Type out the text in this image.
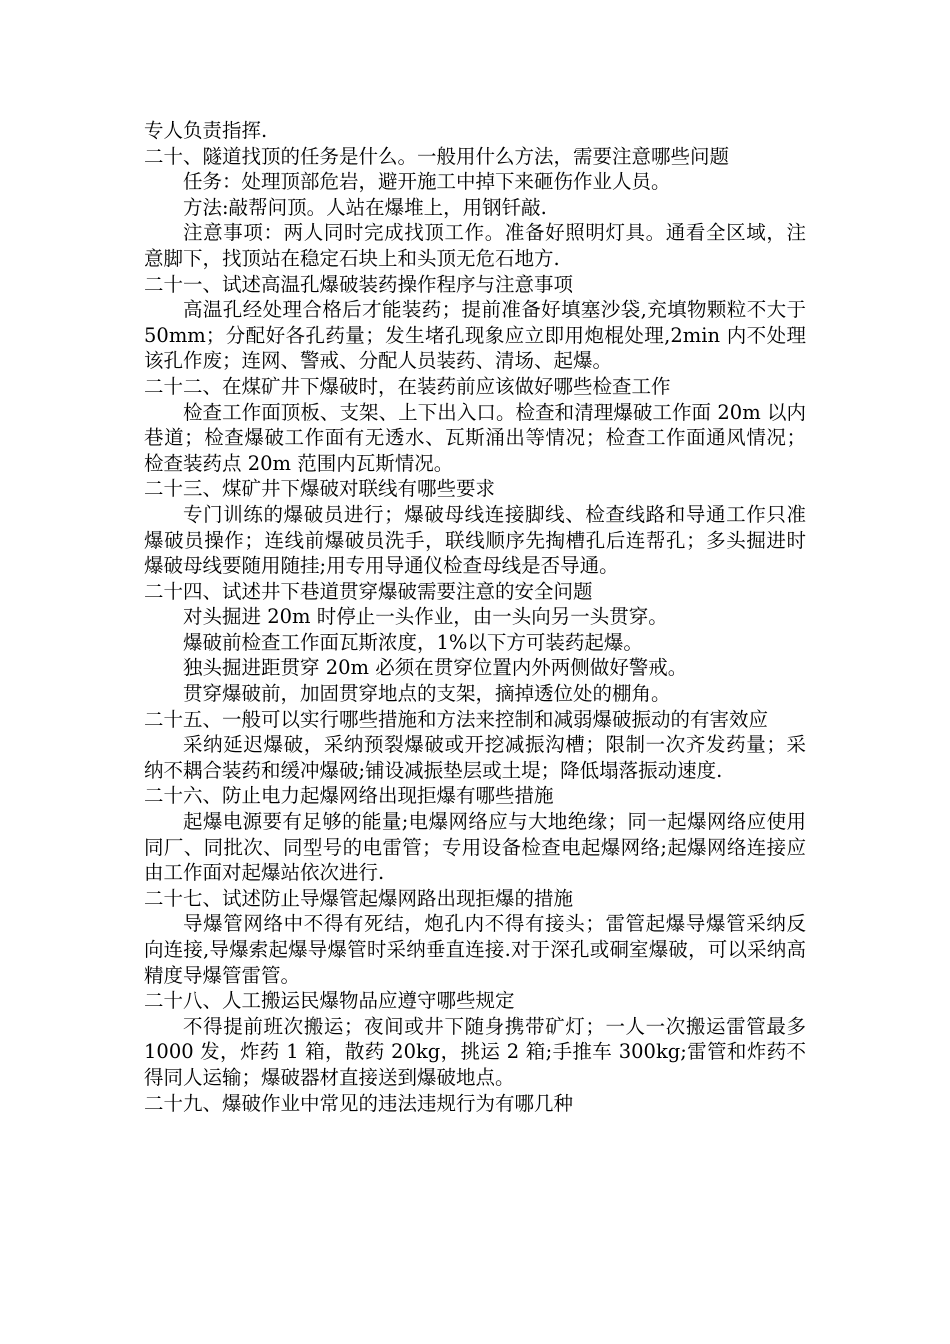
专人负责指挥.

二十、隧道找顶的任务是什么。一般用什么方法，需要注意哪些问题

任务：处理顶部危岩，避开施工中掉下来砸伤作业人员。

方法:敲帮问顶。人站在爆堆上，用钢钎敲.

注意事项：两人同时完成找顶工作。准备好照明灯具。通看全区域，注意脚下，找顶站在稳定石块上和头顶无危石地方.

二十一、试述高温孔爆破装药操作程序与注意事项

高温孔经处理合格后才能装药；提前准备好填塞沙袋,充填物颗粒不大于 50mm；分配好各孔药量；发生堵孔现象应立即用炮棍处理,2min 内不处理该孔作废；连网、警戒、分配人员装药、清场、起爆。

二十二、在煤矿井下爆破时，在装药前应该做好哪些检查工作

检查工作面顶板、支架、上下出入口。检查和清理爆破工作面 20m 以内巷道；检查爆破工作面有无透水、瓦斯涌出等情况；检查工作面通风情况；检查装药点 20m 范围内瓦斯情况。

二十三、煤矿井下爆破对联线有哪些要求

专门训练的爆破员进行；爆破母线连接脚线、检查线路和导通工作只准爆破员操作；连线前爆破员洗手，联线顺序先掏槽孔后连帮孔；多头掘进时爆破母线要随用随挂;用专用导通仪检查母线是否导通。

二十四、试述井下巷道贯穿爆破需要注意的安全问题

对头掘进 20m 时停止一头作业，由一头向另一头贯穿。

爆破前检查工作面瓦斯浓度，1%以下方可装药起爆。

独头掘进距贯穿 20m 必须在贯穿位置内外两侧做好警戒。

贯穿爆破前，加固贯穿地点的支架，摘掉透位处的棚角。

二十五、一般可以实行哪些措施和方法来控制和减弱爆破振动的有害效应

采纳延迟爆破，采纳预裂爆破或开挖减振沟槽；限制一次齐发药量；采纳不耦合装药和缓冲爆破;铺设减振垫层或土堤；降低塌落振动速度.

二十六、防止电力起爆网络出现拒爆有哪些措施

起爆电源要有足够的能量;电爆网络应与大地绝缘；同一起爆网络应使用同厂、同批次、同型号的电雷管；专用设备检查电起爆网络;起爆网络连接应由工作面对起爆站依次进行.

二十七、试述防止导爆管起爆网路出现拒爆的措施

导爆管网络中不得有死结，炮孔内不得有接头；雷管起爆导爆管采纳反向连接,导爆索起爆导爆管时采纳垂直连接.对于深孔或硐室爆破，可以采纳高精度导爆管雷管。

二十八、人工搬运民爆物品应遵守哪些规定

不得提前班次搬运；夜间或井下随身携带矿灯；一人一次搬运雷管最多 1000 发，炸药 1 箱，散药 20kg，挑运 2 箱;手推车 300kg;雷管和炸药不得同人运输；爆破器材直接送到爆破地点。

二十九、爆破作业中常见的违法违规行为有哪几种
